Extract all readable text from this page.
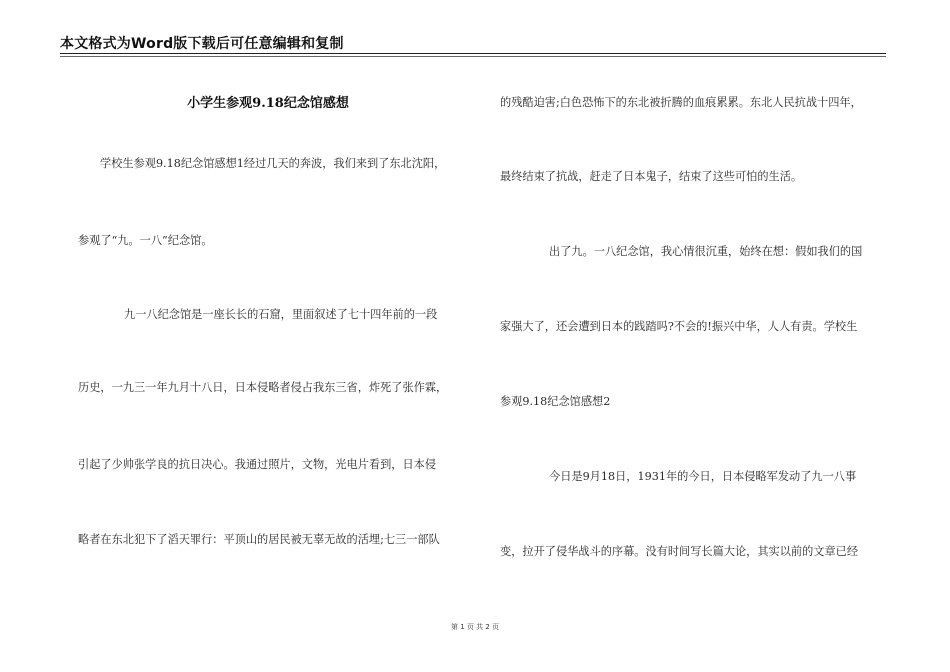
本文格式为Word版下载后可任意编辑和复制
小学生参观9.18纪念馆感想
学校生参观9.18纪念馆感想1经过几天的奔波，我们来到了东北沈阳，
参观了“九。一八”纪念馆。
九一八纪念馆是一座长长的石窟，里面叙述了七十四年前的一段
历史，一九三一年九月十八日，日本侵略者侵占我东三省，炸死了张作霖，
引起了少帅张学良的抗日决心。我通过照片，文物，光电片看到，日本侵
略者在东北犯下了滔天罪行：平顶山的居民被无辜无故的活埋;七三一部队
的残酷迫害;白色恐怖下的东北被折腾的血痕累累。东北人民抗战十四年，
最终结束了抗战，赶走了日本鬼子，结束了这些可怕的生活。
出了九。一八纪念馆，我心情很沉重，始终在想：假如我们的国
家强大了，还会遭到日本的践踏吗?不会的!振兴中华，人人有责。学校生
参观9.18纪念馆感想2
今日是9月18日，1931年的今日，日本侵略军发动了九一八事
变，拉开了侵华战斗的序幕。没有时间写长篇大论，其实以前的文章已经
第 1 页 共 2 页
